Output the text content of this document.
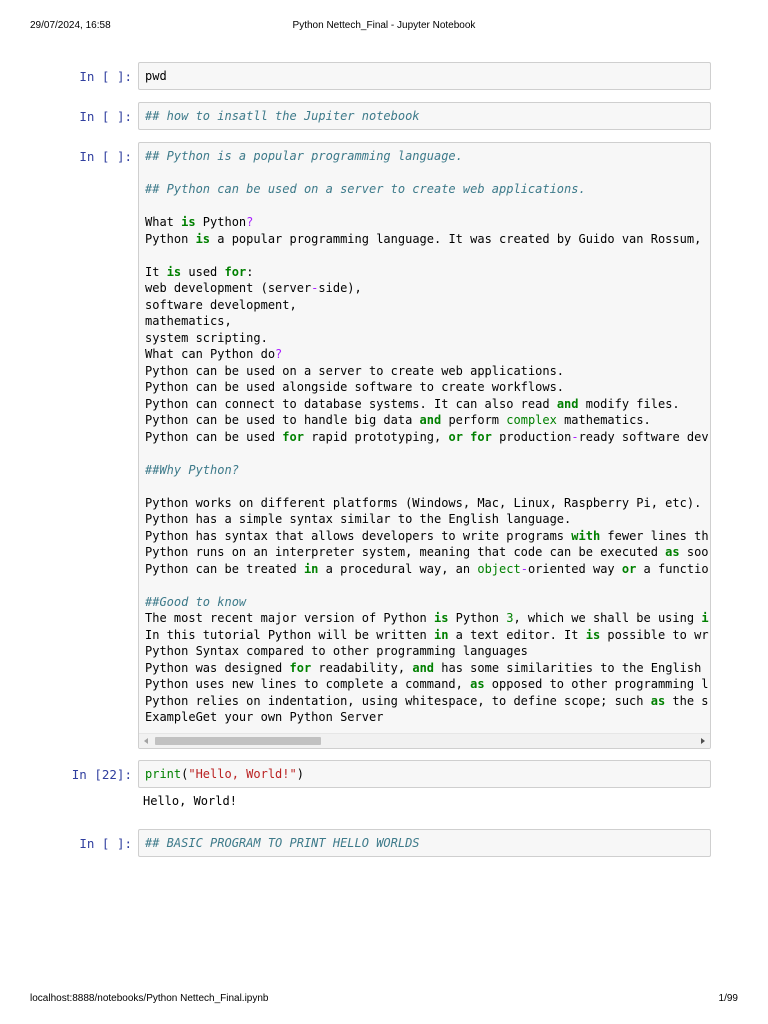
29/07/2024, 16:58	Python Nettech_Final - Jupyter Notebook
In [ ]:	pwd
In [ ]:	## how to insatll the Jupiter notebook
In [ ]:	## Python is a popular programming language.

## Python can be used on a server to create web applications.

What is Python?
Python is a popular programming language. It was created by Guido van Rossum,

It is used for:
web development (server-side),
software development,
mathematics,
system scripting.
What can Python do?
Python can be used on a server to create web applications.
Python can be used alongside software to create workflows.
Python can connect to database systems. It can also read and modify files.
Python can be used to handle big data and perform complex mathematics.
Python can be used for rapid prototyping, or for production-ready software dev

##Why Python?

Python works on different platforms (Windows, Mac, Linux, Raspberry Pi, etc).
Python has a simple syntax similar to the English language.
Python has syntax that allows developers to write programs with fewer lines th
Python runs on an interpreter system, meaning that code can be executed as soo
Python can be treated in a procedural way, an object-oriented way or a functio

##Good to know
The most recent major version of Python is Python 3, which we shall be using i
In this tutorial Python will be written in a text editor. It is possible to wr
Python Syntax compared to other programming languages
Python was designed for readability, and has some similarities to the English
Python uses new lines to complete a command, as opposed to other programming l
Python relies on indentation, using whitespace, to define scope; such as the s
ExampleGet your own Python Server
In [22]:	print("Hello, World!")
Hello, World!
In [ ]:	## BASIC PROGRAM TO PRINT HELLO WORLDS
localhost:8888/notebooks/Python Nettech_Final.ipynb	1/99
